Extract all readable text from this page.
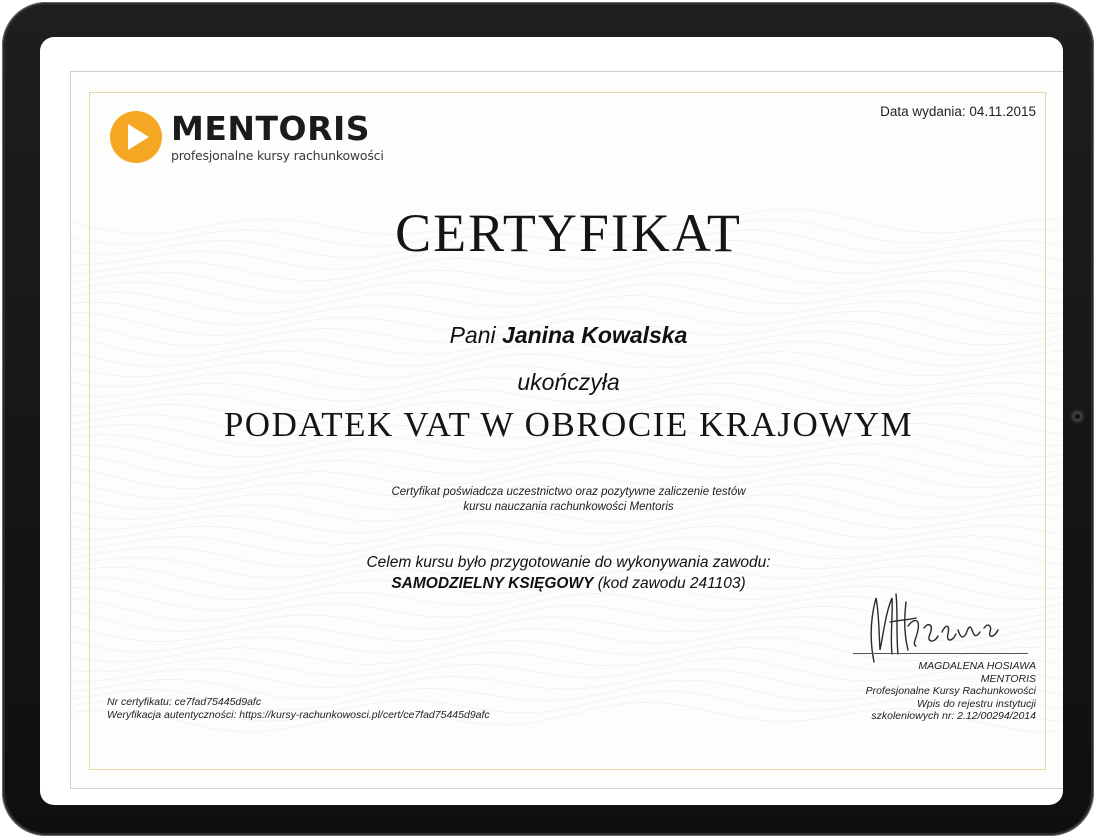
MENTORIS
profesjonalne kursy rachunkowości
Data wydania: 04.11.2015
CERTYFIKAT
Pani Janina Kowalska
ukończyła
PODATEK VAT W OBROCIE KRAJOWYM
Certyfikat poświadcza uczestnictwo oraz pozytywne zaliczenie testów
kursu nauczania rachunkowości Mentoris
Celem kursu było przygotowanie do wykonywania zawodu:
SAMODZIELNY KSIĘGOWY (kod zawodu 241103)
MAGDALENA HOSIAWA
MENTORIS
Profesjonalne Kursy Rachunkowości
Wpis do rejestru instytucji
szkoleniowych nr: 2.12/00294/2014
Nr certyfikatu: ce7fad75445d9afc
Weryfikacja autentyczności: https://kursy-rachunkowosci.pl/cert/ce7fad75445d9afc
